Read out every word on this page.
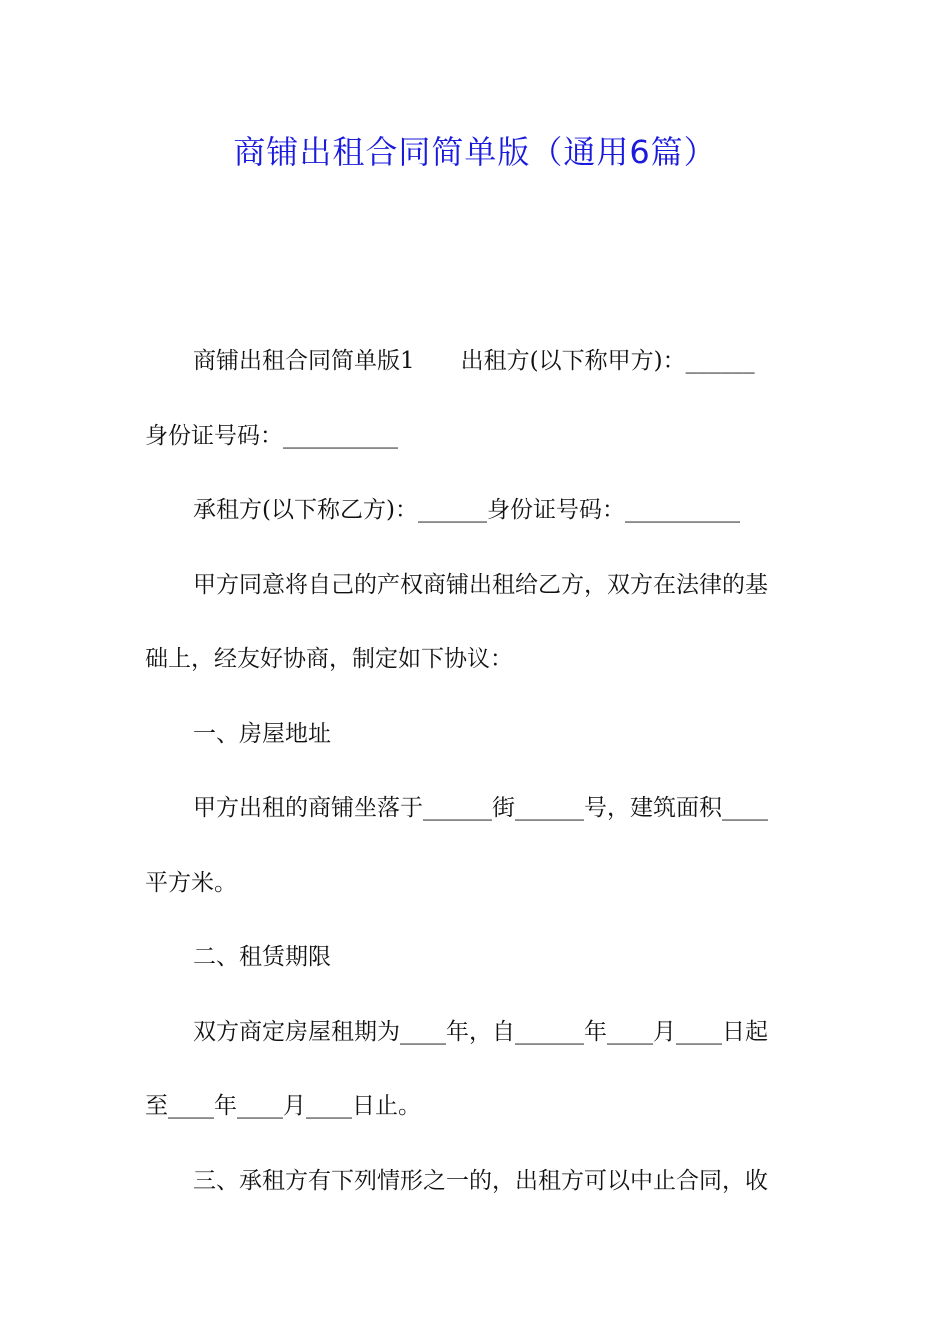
商铺出租合同简单版（通用6篇）

商铺出租合同简单版1　　出租方(以下称甲方)：______

身份证号码：__________

承租方(以下称乙方)：______身份证号码：__________

甲方同意将自己的产权商铺出租给乙方，双方在法律的基

础上，经友好协商，制定如下协议：

一、房屋地址

甲方出租的商铺坐落于______街______号，建筑面积____

平方米。

二、租赁期限

双方商定房屋租期为____年，自______年____月____日起

至____年____月____日止。

三、承租方有下列情形之一的，出租方可以中止合同，收
